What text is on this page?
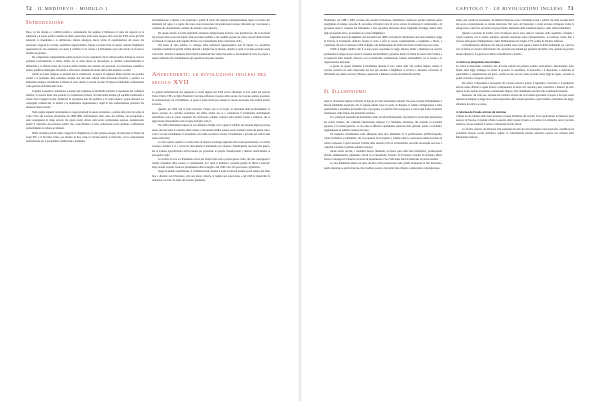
72 IL MEDIOEVO · MODULO 1
Introduzione

Dopo la crisi interna e i conflitti politici e costituzionali che segnano il Medioevo, il tema dei rapporti tra le istituzioni e il potere politico assume un rilievo particolare nella storia europea. Nel corso del XVII secolo gli Stati nazionali si consolidano e si definiscono, mentre emergono nuove forme di organizzazione del potere che investono i rapporti tra sovrano, assemblee rappresentative, Chiese e società civile. In questo contesto l'Inghilterra rappresenta un caso esemplare, nel quale il conflitto tra la corona e il Parlamento porta alla nascita di un nuovo modello di governo.

Per comprendere adeguatamente questi processi occorre considerare che la cultura politica dell'epoca conosce profonde trasformazioni: il diritto divino dei re viene messo in discussione, le dottrine contrattualistiche si diffondono e si afferma l'idea che il potere debba fondarsi sul consenso dei governati. La rivoluzione scientifica, inoltre, modifica l'immagine del mondo e offre nuovi strumenti di analisi della realtà naturale e sociale.

Anche sul piano religioso le tensioni non si esauriscono: le guerre di religione hanno lasciato una pesante eredità e il problema della tolleranza diventa uno dei temi centrali della riflessione filosofica e politica. Le minoranze religiose rivendicano la libertà di culto, mentre i sovrani cercano di imporre l'uniformità confessionale come garanzia dell'unità dello Stato.

Il quadro economico contribuisce a rendere più complesse le dinamiche politiche. L'espansione dei commerci atlantici, la crescita delle città portuali e la formazione di nuovi ceti mercantili alterano gli equilibri tradizionali e creano nuovi soggetti sociali, desiderosi di partecipare alla vita pubblica e di veder tutelati i propri interessi. Le compagnie commerciali, le banche e le manifatture rappresentano i segni di una trasformazione profonda che interessa l'intera società.

Nelle pagine seguenti ricostruiremo le tappe principali di questa evoluzione, a partire dalla crisi del regno di Carlo I fino alla Gloriosa rivoluzione del 1688-1689, soffermandoci sulle cause del conflitto, sui protagonisti e sulle conseguenze di lungo periodo che questi eventi ebbero sulla storia costituzionale europea. Analizzeremo inoltre il contributo dei pensatori politici che, come Hobbes e Locke, elaborarono teorie destinate a influenzare profondamente la cultura occidentale.

Infine verranno presi in esame i rapporti tra l'Inghilterra e le altre potenze europee, in particolare la Francia di Luigi XIV e le Province Unite, per mettere in luce come le vicende interne si intreccino con la competizione internazionale per il predominio commerciale e marittimo.

documentazione, e mirano a far perpetuare i quadri di valori che tengono permanentemente legato il sovrano alle istituzioni del regno. Le regole che erano state riconosciute dai predecessori restano vincolanti per i successori e costituiscono un patrimonio comune che nessun re può ignorare.

Per questo motivo le forme giuridiche assumono un'importanza decisiva: esse garantiscono che le decisioni del sovrano siano prese nel rispetto delle procedure stabilite e che i sudditi possano far valere i propri diritti davanti ai tribunali. Il principio della legalità diventa così il fondamento della convivenza civile.

Dal punto di vista politico, lo sviluppo delle istituzioni rappresentative non fu lineare. Le assemblee conobbero momenti di grande vitalità alternati a lunghe fasi di silenzio, durante le quali il sovrano governò senza convocarle. Tuttavia la memoria delle libertà tradizionali non venne mai meno e, nei momenti di crisi, fu proprio a queste tradizioni che si richiamarono gli oppositori del potere assoluto.

Antecedenti: le rivoluzioni inglesi del secolo XVII

Le grandi trasformazioni che segnarono la storia inglese del XVII secolo affondano le loro radici nel periodo Tudor. Enrico VIII e la figlia Elisabetta I avevano rafforzato il potere della corona, ma avevano sempre governato in collaborazione con il Parlamento, al quale si erano rivolti per ottenere le risorse necessarie alla politica interna ed estera.

Quando, nel 1603, salì al trono Giacomo I Stuart, già re di Scozia, la situazione mutò profondamente. Il nuovo sovrano era convinto sostenitore del diritto divino dei re e considerava il Parlamento un'istituzione subordinata, priva di poteri autonomi. Ne derivarono continui contrasti sulla materia fiscale e religiosa, che si aggravarono ulteriormente sotto il regno del figlio Carlo I.

Nel 1628 il Parlamento impose al re la Petition of Right, con la quale si stabiliva che nessuna imposta potesse essere riscossa senza il consenso delle Camere e che nessun suddito potesse essere arrestato senza una giusta causa. Carlo I accettò formalmente il documento, ma l'anno successivo sciolse il Parlamento e governò per undici anni senza convocarlo.

La crisi esplose quando il sovrano tentò di imporre la liturgia anglicana alla Scozia presbiteriana. La rivolta scozzese costrinse il re a convocare nuovamente il Parlamento per ottenere i finanziamenti necessari alla guerra, ma le Camere approfittarono dell'occasione per presentare le proprie rivendicazioni e limitare drasticamente le prerogative regie.

Lo scontro tra il re e il Parlamento sfociò nel 1642 in una vera e propria guerra civile, che vide contrapposti i realisti, sostenitori della corona, e i parlamentari, tra i quali si distinsero i puritani guidati da Oliver Cromwell. Dopo alterne vicende, l'esercito parlamentare ebbe la meglio e nel 1649 Carlo I fu processato e giustiziato.

Seguì un periodo repubblicano, il Commonwealth, durante il quale Cromwell assunse poteri sempre più ampi fino a divenire Lord Protettore. Alla sua morte, tuttavia, il regime non sopravvisse e nel 1660 la monarchia fu restaurata con Carlo II, figlio del sovrano giustiziato.

CAPITOLO 7 · LE RIVOLUZIONI INGLESI 73

Finalmente, nel 1688 e 1689, avvenne una seconda rivoluzione, denominata «Gloriosa» perché realizzata senza spargimento di sangue. Giacomo II, succeduto al fratello Carlo II, aveva cercato di restaurare il cattolicesimo e di governare senza il consenso del Parlamento. I suoi oppositori invitarono allora Guglielmo d'Orange, marito della figlia protestante del re, ad assumere la corona d'Inghilterra.

Guglielmo sbarcò in Inghilterra nel novembre del 1688 e Giacomo II, abbandonato dai suoi sostenitori, fuggì in Francia. Il Parlamento dichiarò vacante il trono e offrì la corona congiuntamente a Guglielmo e Maria, a condizione che essi accettassero il Bill of Rights, una dichiarazione dei diritti che fissava i limiti del potere regio.

Il Bill of Rights stabiliva che il re non poteva sospendere le leggi, imporre tributi o mantenere un esercito permanente in tempo di pace senza il consenso del Parlamento; garantiva inoltre la libertà di parola nelle Camere e la regolarità delle elezioni. Nasceva così la monarchia costituzionale, fondata sull'equilibrio tra la corona e la rappresentanza nazionale.

A partire da questo momento il Parlamento divenne il vero centro della vita politica inglese, mentre il sovrano conservò un ruolo importante ma non più assoluto. L'Inghilterra si avviava a diventare il modello di riferimento per quanti, nel resto d'Europa, aspiravano a limitare il potere dei monarchi assoluti.

Il Illuminismo

Dopo la rivoluzione inglese si affermò in Europa un vasto movimento culturale che prese il nome di Illuminismo. I filosofi illuministi ritenevano che la ragione umana fosse in grado di dissipare le tenebre dell'ignoranza e della superstizione e di guidare gli uomini verso il progresso e la felicità. Essi sottoposero a critica ogni forma di autorità tradizionale, dalla Chiesa alla monarchia assoluta.

Tra i principali esponenti del movimento vanno ricordati Montesquieu, che elaborò la teoria della separazione dei poteri; Voltaire, che combatté l'intolleranza religiosa e il fanatismo; Rousseau, che sostenne la sovranità popolare e la volontà generale. Le loro idee si diffusero rapidamente attraverso libri, giornali, salotti e accademie, raggiungendo un pubblico sempre più vasto.

Un momento fondamentale nella diffusione delle idee illuministe fu la pubblicazione dell'Enciclopedia, curata da Diderot e d'Alembert, che si proponeva di raccogliere e ordinare tutte le conoscenze umane secondo un criterio razionale. L'opera incontrò l'ostilità delle autorità civili ed ecclesiastiche, ma ebbe un enorme successo e contribuì a formare l'opinione pubblica europea.

Anche alcuni sovrani, i cosiddetti despoti illuminati, accolsero parte delle idee riformatrici, promuovendo riforme amministrative, giudiziarie, fiscali ed ecclesiastiche. Federico II di Prussia, Caterina II di Russia, Maria Teresa e Giuseppe II d'Austria cercarono di modernizzare i loro Stati senza tuttavia rinunciare al potere assoluto.

Le idee illuministe ebbero un ruolo decisivo nella preparazione delle grandi rivoluzioni di fine Settecento, quella americana e quella francese, che avrebbero posto le basi dello Stato liberale e democratico contemporaneo.

anche, una colonia in evoluzione, documenta l'interesse verso i fenomeni sociali e politici che nella seconda metà del secolo caratterizzarono le colonie americane. Nel corso del Settecento i coloni avevano sviluppato forme di autogoverno e una forte coscienza dei propri diritti, alimentata dalla tradizione inglese e dalla cultura illuminista.

Quando il governo di Londra cercò di imporre nuove tasse senza il consenso delle assemblee coloniali, i coloni reagirono con il celebre principio «nessuna tassazione senza rappresentanza». La tensione crebbe fino a sfociare nella guerra d'indipendenza e nella Dichiarazione del 4 luglio 1776, redatta da Thomas Jefferson.

La Dichiarazione affermava che tutti gli uomini sono creati uguali e dotati di diritti inalienabili, tra i quali la vita, la libertà e la ricerca della felicità; che i governi sono istituiti per garantire tali diritti e che, quando un governo diventa dispotico, il popolo ha il diritto di modificarlo o abolirlo.

A critica ao despotismo das tiranias

La critica al dispotismo costituisce uno dei temi centrali del pensiero politico settecentesco. Montesquieu, nello Spirito delle leggi, distingue tre forme di governo: la repubblica, la monarchia e il dispotismo, e individua in quest'ultimo la degenerazione più grave, poiché in esso un solo uomo governa senza leggi né regole, secondo la propria volontà e il proprio capriccio.

Per evitare il dispotismo è necessario che il potere arresti il potere: il legislativo, l'esecutivo e il giudiziario devono essere affidati a organi diversi e indipendenti, in modo che ciascuno possa controllare e limitare gli altri. Questa teoria, ispirata al modello costituzionale inglese, ebbe un'influenza enorme sulle costituzioni moderne.

Rousseau, dal canto suo, sostiene nel Contratto sociale che la sovranità appartiene al popolo e non può essere alienata né delegata; la legge deve essere espressione della volontà generale e ogni cittadino, obbedendo alla legge, obbedisce in realtà a se stesso.

A reforma do Estado através da reforma

L'ideale di una riforma dello Stato attraverso l'azione illuminata del sovrano trovò applicazione in numerosi paesi europei. In Toscana, il granduca Pietro Leopoldo abolì la pena di morte e la tortura; in Lombardia, sotto il governo austriaco, furono realizzati il catasto e importanti riforme fiscali.

Le riforme, tuttavia, incontrarono forti resistenze da parte dei ceti privilegiati e non riuscirono a modificare in profondità l'assetto sociale dell'antico regime: le contraddizioni irrisolte sarebbero esplose con violenza nella Rivoluzione francese.
